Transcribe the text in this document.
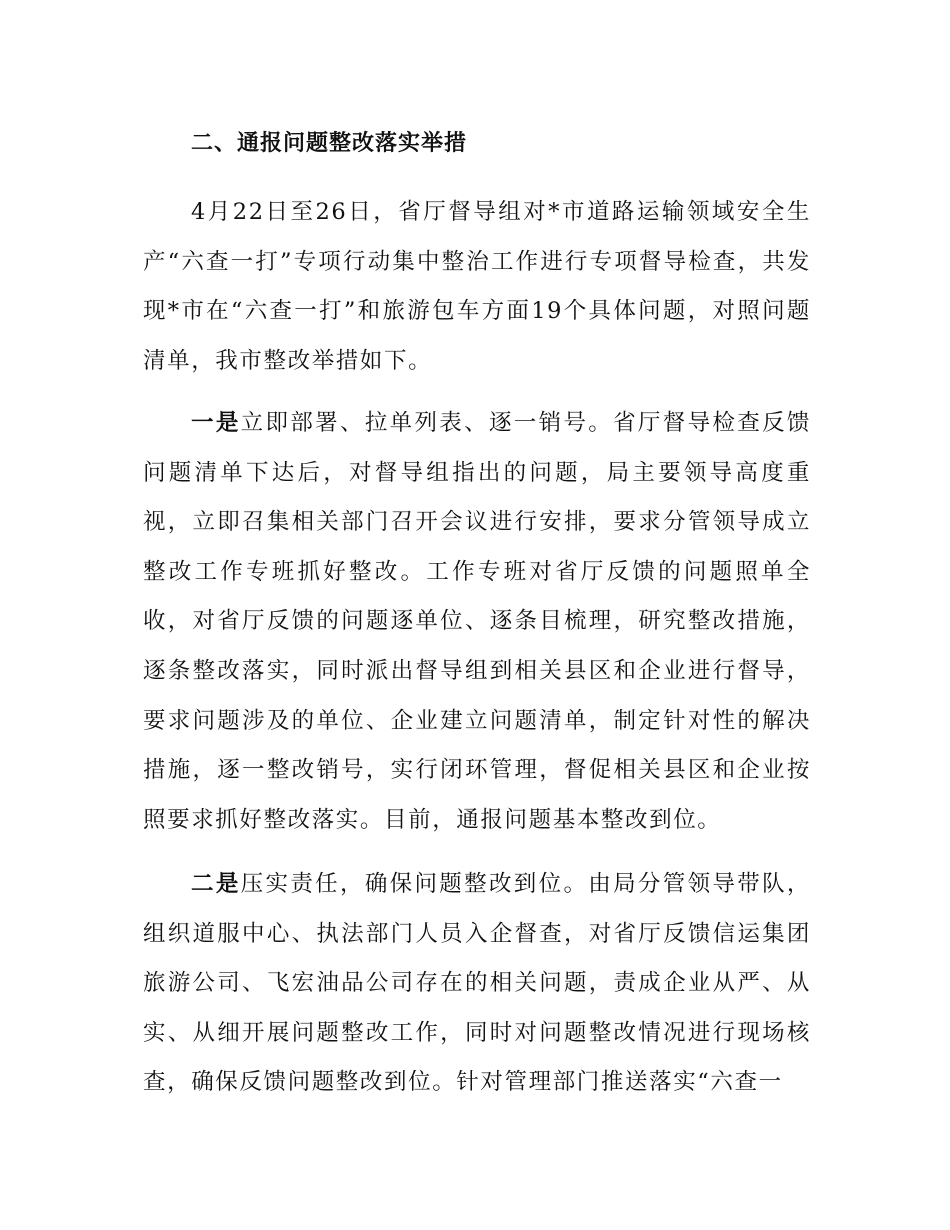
二、通报问题整改落实举措
4月22日至26日，省厅督导组对*市道路运输领域安全生产“六查一打”专项行动集中整治工作进行专项督导检查，共发现*市在“六查一打”和旅游包车方面19个具体问题，对照问题清单，我市整改举措如下。
一是立即部署、拉单列表、逐一销号。省厅督导检查反馈问题清单下达后，对督导组指出的问题，局主要领导高度重视，立即召集相关部门召开会议进行安排，要求分管领导成立整改工作专班抓好整改。工作专班对省厅反馈的问题照单全收，对省厅反馈的问题逐单位、逐条目梳理，研究整改措施，逐条整改落实，同时派出督导组到相关县区和企业进行督导，要求问题涉及的单位、企业建立问题清单，制定针对性的解决措施，逐一整改销号，实行闭环管理，督促相关县区和企业按照要求抓好整改落实。目前，通报问题基本整改到位。
二是压实责任，确保问题整改到位。由局分管领导带队，组织道服中心、执法部门人员入企督查，对省厅反馈信运集团旅游公司、飞宏油品公司存在的相关问题，责成企业从严、从实、从细开展问题整改工作，同时对问题整改情况进行现场核查，确保反馈问题整改到位。针对管理部门推送落实“六查一
